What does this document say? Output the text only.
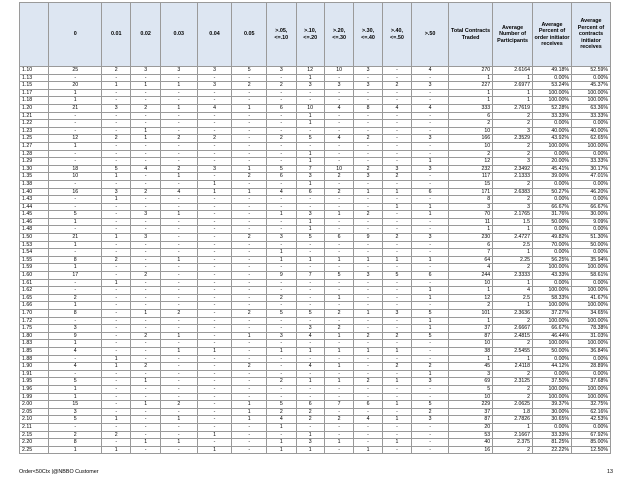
	0	0.01	0.02	0.03	0.04	0.05	>.05, <=.10	>.10, <=.20	>.20, <=.30	>.30, <=.40	>.40, <=.50	>.50	Total Contracts Traded	Average Number of Participants	Average Percent of order initiator receives	Average Percent of contracts initiator receives
1.10	25	2	3	3	3	5	3	12	10	3	-	4	270	2.6164	49.18%	52.59%
1.13	-	-	-	-	-	-	-	1	-	-	-	-	1	1	0.00%	0.00%
1.15	20	1	1	1	3	2	2	3	3	3	2	3	227	2.6977	53.24%	45.37%
1.17	1	-	-	-	-	-	-	-	-	-	-	-	1	1	100.00%	100.00%
1.18	1	-	-	-	-	-	-	-	-	-	-	-	1	1	100.00%	100.00%
1.20	21	3	2	1	4	1	6	10	4	8	4	4	333	2.7619	52.28%	63.36%
1.21	-	-	-	-	-	-	-	1	-	-	-	-	6	2	33.33%	33.33%
1.22	-	-	-	-	-	-	-	1	-	-	-	-	2	2	0.00%	0.00%
1.23	-	-	1	-	-	-	-	-	-	-	-	-	10	3	40.00%	40.00%
1.25	12	2	1	2	2	-	2	5	4	2	-	3	166	2.3529	43.92%	62.65%
1.27	1	-	-	-	-	-	-	-	-	-	-	-	10	2	100.00%	100.00%
1.28	-	-	-	-	-	-	-	1	-	-	-	-	2	2	0.00%	0.00%
1.29	-	-	-	-	-	-	-	1	-	-	-	1	12	3	20.00%	33.33%
1.30	18	5	4	2	3	1	5	7	10	2	3	3	232	2.3492	45.41%	30.17%
1.35	10	1	-	1	-	2	6	3	2	3	2	-	117	2.1333	39.00%	47.01%
1.38	-	-	-	-	1	-	-	1	-	-	-	-	15	2	0.00%	0.00%
1.40	16	3	2	4	1	1	4	6	2	1	1	6	171	2.6383	50.27%	46.20%
1.43	-	1	-	-	-	-	-	-	-	-	-	-	8	2	0.00%	0.00%
1.44	-	-	-	-	-	-	-	-	-	-	1	1	3	3	66.67%	66.67%
1.45	5	-	3	1	-	-	1	3	1	2	-	1	70	2.1765	31.76%	30.00%
1.46	1	-	-	-	-	-	-	1	-	-	-	-	11	1.5	50.00%	9.09%
1.48	-	-	-	-	-	-	-	1	-	-	-	-	1	1	0.00%	0.00%
1.50	21	1	3	-	-	2	3	5	6	9	2	3	230	2.4727	49.82%	51.30%
1.53	1	-	-	-	-	-	-	-	-	-	-	-	6	2.5	70.00%	50.00%
1.54	-	-	-	-	-	-	1	-	-	-	-	-	7	1	0.00%	0.00%
1.55	8	2	-	1	-	-	1	1	1	1	1	1	64	2.25	56.25%	35.94%
1.59	1	-	-	-	-	-	-	-	-	-	-	-	4	2	100.00%	100.00%
1.60	17	-	2	-	-	-	9	7	5	3	5	6	244	2.3333	43.33%	58.61%
1.61	-	1	-	-	-	-	-	-	-	-	-	-	10	1	0.00%	0.00%
1.62	-	-	-	-	-	-	-	-	-	-	-	1	1	4	100.00%	100.00%
1.65	2	-	-	-	-	-	2	-	1	-	-	1	12	2.5	58.33%	41.67%
1.66	1	-	-	-	-	-	-	-	-	-	-	-	2	1	100.00%	100.00%
1.70	8	-	1	2	-	2	5	5	2	1	3	5	101	2.3636	37.27%	34.65%
1.72	-	-	-	-	-	-	-	-	-	-	-	1	1	2	100.00%	100.00%
1.75	3	-	-	-	-	-	-	3	2	-	-	1	37	2.6667	66.67%	78.38%
1.80	9	-	2	1	-	1	3	4	1	2	2	5	87	2.4815	46.44%	31.03%
1.83	1	-	-	-	-	-	-	-	-	-	-	-	10	2	100.00%	100.00%
1.85	4	-	-	1	1	-	1	1	1	1	1	-	38	2.5455	50.00%	36.84%
1.88	-	1	-	-	-	-	-	-	-	-	-	-	1	1	0.00%	0.00%
1.90	4	1	2	-	-	2	-	4	1	-	2	2	45	2.4118	44.12%	28.89%
1.91	-	-	-	-	-	-	-	-	-	-	-	1	3	2	0.00%	0.00%
1.95	5	-	1	-	-	-	2	1	1	2	1	3	69	2.3125	37.50%	37.68%
1.96	1	-	-	-	-	-	-	-	-	-	-	-	5	2	100.00%	100.00%
1.99	1	-	-	-	-	-	-	-	-	-	-	-	10	2	100.00%	100.00%
2.00	15	-	1	2	-	1	5	6	7	6	1	5	229	2.0625	39.37%	32.75%
2.05	3	-	-	-	-	1	2	2	-	-	-	2	37	1.8	30.00%	62.16%
2.10	5	1	-	1	-	1	4	2	2	4	1	3	87	2.7826	30.65%	42.53%
2.11	-	-	-	-	-	-	1	-	-	-	-	-	20	1	0.00%	0.00%
2.15	2	2	-	-	1	-	-	1	-	-	-	-	53	2.1667	33.33%	67.92%
2.20	8	-	1	1	-	-	1	3	1	-	1	-	40	2.375	81.25%	85.00%
2.25	1	1	-	-	1	-	1	1	-	1	-	-	16	2	22.22%	12.50%
Order<50Ctx |@NBBO Customer	13
